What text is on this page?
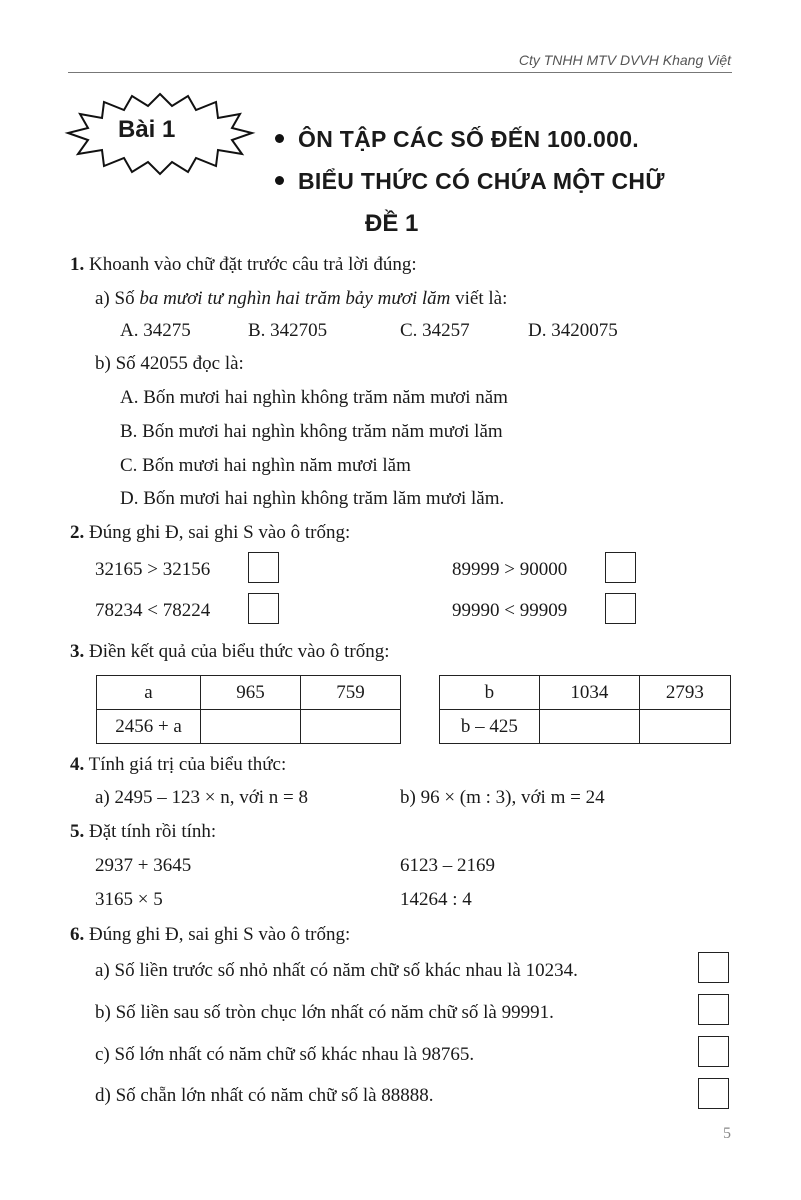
Cty TNHH MTV DVVH Khang Việt
Bài 1	ÔN TẬP CÁC SỐ ĐẾN 100.000.
BIỂU THỨC CÓ CHỨA MỘT CHỮ
ĐỀ 1
1. Khoanh vào chữ đặt trước câu trả lời đúng:
a) Số ba mươi tư nghìn hai trăm bảy mươi lăm viết là:
A. 34275	B. 342705	C. 34257	D. 3420075
b) Số 42055 đọc là:
A. Bốn mươi hai nghìn không trăm năm mươi năm
B. Bốn mươi hai nghìn không trăm năm mươi lăm
C. Bốn mươi hai nghìn năm mươi lăm
D. Bốn mươi hai nghìn không trăm lăm mươi lăm.
2. Đúng ghi Đ, sai ghi S vào ô trống:
32165 > 32156	89999 > 90000
78234 < 78224	99990 < 99909
3. Điền kết quả của biểu thức vào ô trống:
a	965	759
2456 + a		
b	1034	2793
b – 425		
4. Tính giá trị của biểu thức:
a) 2495 – 123 × n, với n = 8	b) 96 × (m : 3), với m = 24
5. Đặt tính rồi tính:
2937 + 3645	6123 – 2169
3165 × 5	14264 : 4
6. Đúng ghi Đ, sai ghi S vào ô trống:
a) Số liền trước số nhỏ nhất có năm chữ số khác nhau là 10234.
b) Số liền sau số tròn chục lớn nhất có năm chữ số là 99991.
c) Số lớn nhất có năm chữ số khác nhau là 98765.
d) Số chẵn lớn nhất có năm chữ số là 88888.
5
